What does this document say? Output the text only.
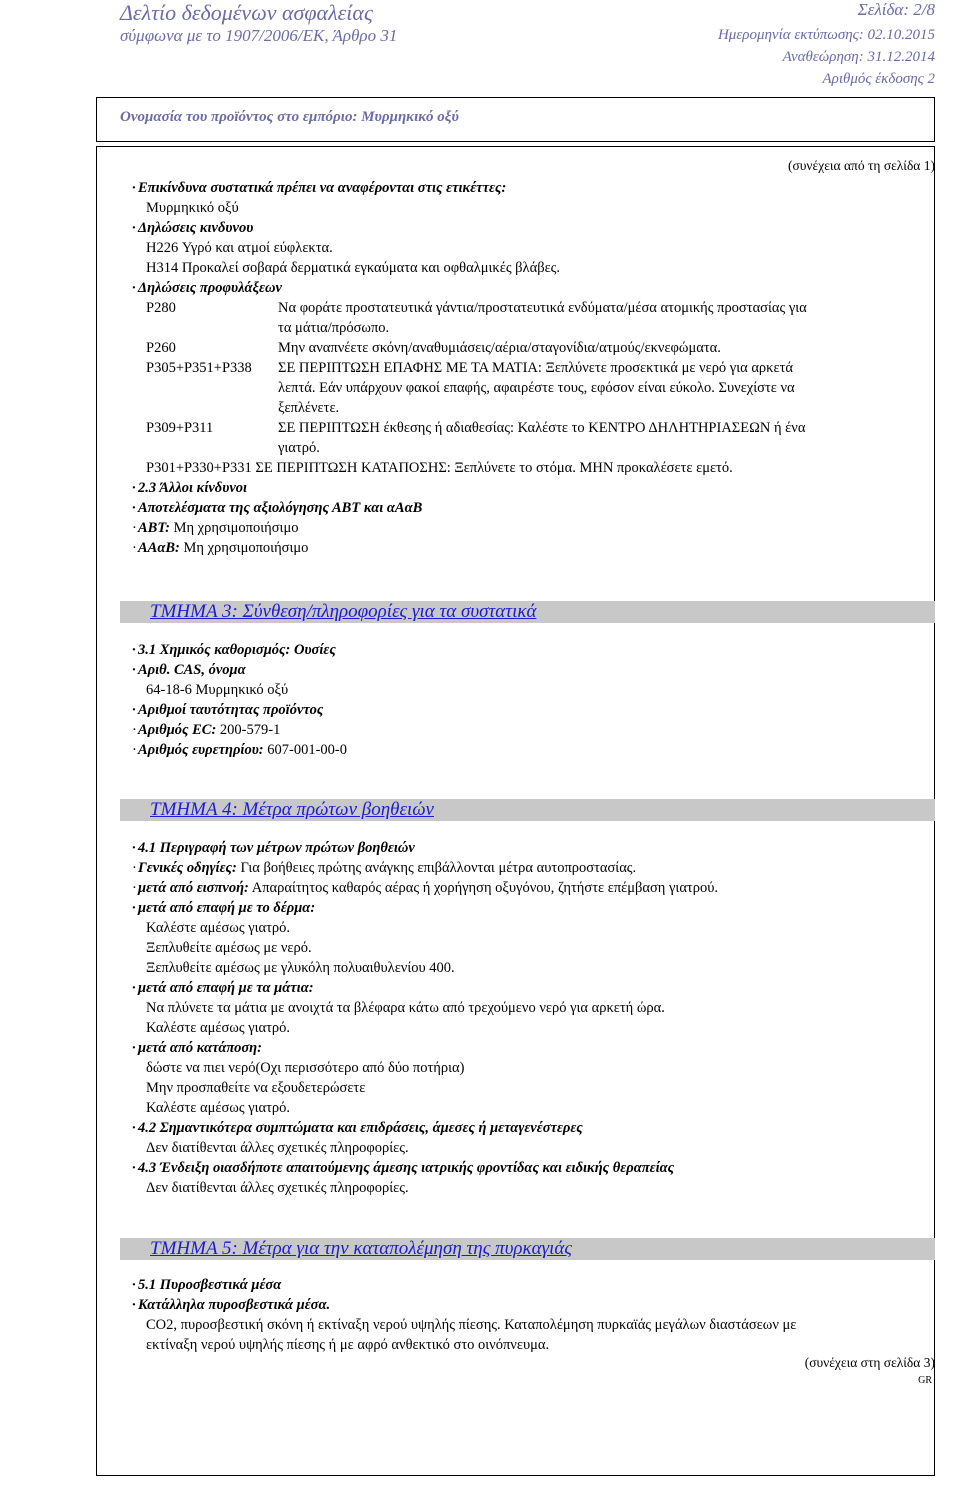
Δελτίο δεδομένων ασφαλείας
σύμφωνα με το 1907/2006/ΕΚ, Άρθρο 31
Σελίδα: 2/8
Ημερομηνία εκτύπωσης: 02.10.2015
Αναθεώρηση: 31.12.2014
Αριθμός έκδοσης 2
Ονομασία του προϊόντος στο εμπόριο: Μυρμηκικό οξύ
(συνέχεια από τη σελίδα 1)
· Επικίνδυνα συστατικά πρέπει να αναφέρονται στις ετικέττες:
Μυρμηκικό οξύ
· Δηλώσεις κινδυνου
H226 Υγρό και ατμοί εύφλεκτα.
H314 Προκαλεί σοβαρά δερματικά εγκαύματα και οφθαλμικές βλάβες.
· Δηλώσεις προφυλάξεων
P280	Να φοράτε προστατευτικά γάντια/προστατευτικά ενδύματα/μέσα ατομικής προστασίας για
τα μάτια/πρόσωπο.
P260	Μην αναπνέετε σκόνη/αναθυμιάσεις/αέρια/σταγονίδια/ατμούς/εκνεφώματα.
P305+P351+P338 ΣΕ ΠΕΡΙΠΤΩΣΗ ΕΠΑΦΗΣ ΜΕ ΤΑ ΜΑΤΙΑ: Ξεπλύνετε προσεκτικά με νερό για αρκετά
λεπτά. Εάν υπάρχουν φακοί επαφής, αφαιρέστε τους, εφόσον είναι εύκολο. Συνεχίστε να
ξεπλένετε.
P309+P311	ΣΕ ΠΕΡΙΠΤΩΣΗ έκθεσης ή αδιαθεσίας: Καλέστε το ΚΕΝΤΡΟ ΔΗΛΗΤΗΡΙΑΣΕΩΝ ή ένα
γιατρό.
P301+P330+P331 ΣΕ ΠΕΡΙΠΤΩΣΗ ΚΑΤΑΠΟΣΗΣ: Ξεπλύνετε το στόμα. ΜΗΝ προκαλέσετε εμετό.
· 2.3 Άλλοι κίνδυνοι
· Αποτελέσματα της αξιολόγησης ΑΒΤ και αΑαΒ
· ΑΒΤ: Μη χρησιμοποιήσιμο
· ΑΑαΒ: Μη χρησιμοποιήσιμο
ΤΜΗΜΑ 3: Σύνθεση/πληροφορίες για τα συστατικά
· 3.1 Χημικός καθορισμός: Ουσίες
· Αριθ. CAS, όνομα
64-18-6 Μυρμηκικό οξύ
· Αριθμοί ταυτότητας προϊόντος
· Αριθμός EC: 200-579-1
· Αριθμός ευρετηρίου: 607-001-00-0
ΤΜΗΜΑ 4: Μέτρα πρώτων βοηθειών
· 4.1 Περιγραφή των μέτρων πρώτων βοηθειών
· Γενικές οδηγίες: Για βοήθειες πρώτης ανάγκης επιβάλλονται μέτρα αυτοπροστασίας.
· μετά από εισπνοή: Απαραίτητος καθαρός αέρας ή χορήγηση οξυγόνου, ζητήστε επέμβαση γιατρού.
· μετά από επαφή με το δέρμα:
Καλέστε αμέσως γιατρό.
Ξεπλυθείτε αμέσως με νερό.
Ξεπλυθείτε αμέσως με γλυκόλη πολυαιθυλενίου 400.
· μετά από επαφή με τα μάτια:
Να πλύνετε τα μάτια με ανοιχτά τα βλέφαρα κάτω από τρεχούμενο νερό για αρκετή ώρα.
Καλέστε αμέσως γιατρό.
· μετά από κατάποση:
δώστε να πιει νερό(Οχι περισσότερο από δύο ποτήρια)
Μην προσπαθείτε να εξουδετερώσετε
Καλέστε αμέσως γιατρό.
· 4.2 Σημαντικότερα συμπτώματα και επιδράσεις, άμεσες ή μεταγενέστερες
Δεν διατίθενται άλλες σχετικές πληροφορίες.
· 4.3 Ένδειξη οιασδήποτε απαιτούμενης άμεσης ιατρικής φροντίδας και ειδικής θεραπείας
Δεν διατίθενται άλλες σχετικές πληροφορίες.
ΤΜΗΜΑ 5: Μέτρα για την καταπολέμηση της πυρκαγιάς
· 5.1 Πυροσβεστικά μέσα
· Κατάλληλα πυροσβεστικά μέσα.
CO2, πυροσβεστική σκόνη ή εκτίναξη νερού υψηλής πίεσης. Καταπολέμηση πυρκαϊάς μεγάλων διαστάσεων με
εκτίναξη νερού υψηλής πίεσης ή με αφρό ανθεκτικό στο οινόπνευμα.
(συνέχεια στη σελίδα 3)
GR
